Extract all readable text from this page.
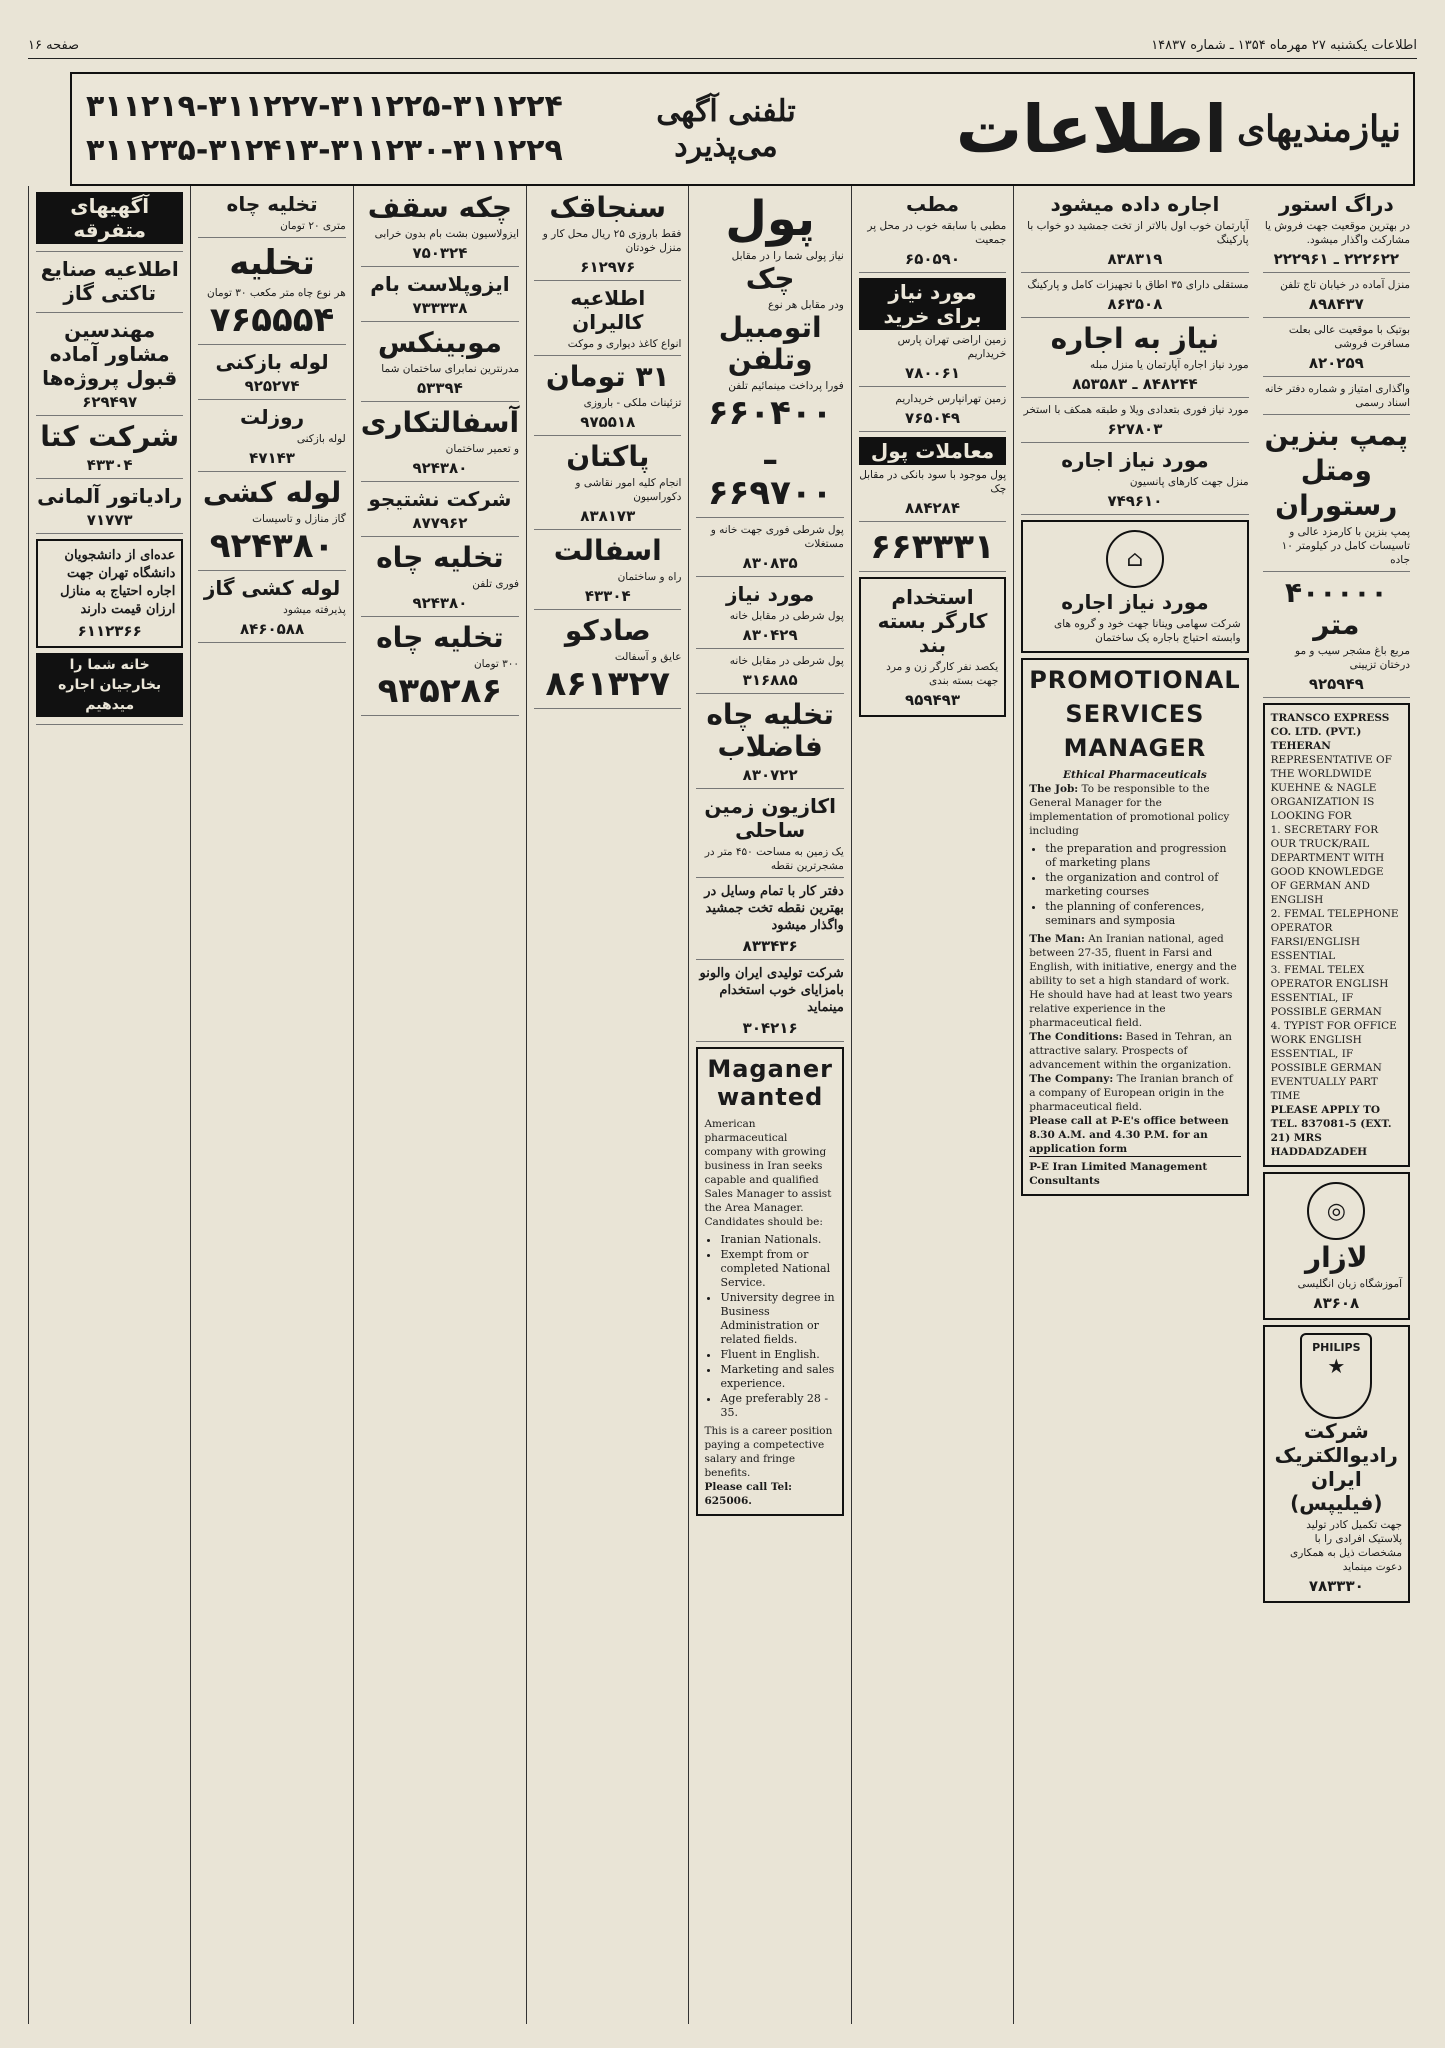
صفحه ۱۶	اطلاعات یکشنبه ۲۷ مهرماه ۱۳۵۴ ـ شماره ۱۴۸۳۷
۳۱۱۲۱۹-۳۱۱۲۲۷-۳۱۱۲۲۵-۳۱۱۲۲۴
۳۱۱۲۳۵-۳۱۲۴۱۳-۳۱۱۲۳۰-۳۱۱۲۲۹
تلفنی آگهی می‌پذیرد	اطلاعات نیازمندیهای
دراگ استور

در بهترین موقعیت جهت فروش یا مشارکت واگذار میشود.

۲۲۲۶۲۲ ـ ۲۲۲۹۶۱

منزل آماده در خیابان تاج تلفن

۸۹۸۴۳۷

بوتیک با موقعیت عالی بعلت مسافرت فروشی

۸۲۰۲۵۹

واگذاری امتیاز و شماره دفتر خانه اسناد رسمی

پمپ بنزین
ومتل
رستوران

پمپ بنزین با کارمزد عالی و تاسیسات کامل در کیلومتر ۱۰ جاده

۴۰۰۰۰۰ متر

مربع باغ مشجر سیب و مو درختان تزیینی

۹۲۵۹۴۹

TRANSCO EXPRESS CO. LTD. (PVT.) TEHERAN

REPRESENTATIVE OF THE WORLDWIDE KUEHNE & NAGLE ORGANIZATION IS LOOKING FOR

1. SECRETARY FOR OUR TRUCK/RAIL DEPARTMENT WITH GOOD KNOWLEDGE OF GERMAN AND ENGLISH

2. FEMAL TELEPHONE OPERATOR FARSI/ENGLISH ESSENTIAL

3. FEMAL TELEX OPERATOR ENGLISH ESSENTIAL, IF POSSIBLE GERMAN

4. TYPIST FOR OFFICE WORK ENGLISH ESSENTIAL, IF POSSIBLE GERMAN EVENTUALLY PART TIME

PLEASE APPLY TO TEL. 837081-5 (EXT. 21) MRS HADDADZADEH

◎
لازار

آموزشگاه زبان انگلیسی

۸۳۶۰۸
PHILIPS
★
شرکت رادیوالکتریک ایران (فیلیپس)

جهت تکمیل کادر تولید پلاستیک افرادی را با مشخصات ذیل به همکاری دعوت مینماید

۷۸۳۳۳۰
اجاره داده میشود

آپارتمان خوب اول بالاتر از تخت جمشید دو خواب با پارکینگ

۸۳۸۳۱۹

مستقلی دارای ۳۵ اطاق با تجهیزات کامل و پارکینگ

۸۶۳۵۰۸
نیاز به اجاره

مورد نیاز اجاره آپارتمان یا منزل مبله

۸۴۸۲۴۴ ـ ۸۵۳۵۸۳

مورد نیاز فوری بتعدادی ویلا و طبقه همکف با استخر

۶۲۷۸۰۳
مورد نیاز اجاره

منزل جهت کارهای پانسیون

۷۴۹۶۱۰
⌂
مورد نیاز اجاره

شرکت سهامی وینانا جهت خود و گروه های وابسته احتیاج باجاره یک ساختمان

PROMOTIONAL
SERVICES
MANAGER

Ethical Pharmaceuticals

The Job: To be responsible to the General Manager for the implementation of promotional policy including

• the preparation and progression of marketing plans
• the organization and control of marketing courses
• the planning of conferences, seminars and symposia

The Man: An Iranian national, aged between 27-35, fluent in Farsi and English, with initiative, energy and the ability to set a high standard of work. He should have had at least two years relative experience in the pharmaceutical field.

The Conditions: Based in Tehran, an attractive salary. Prospects of advancement within the organization.

The Company: The Iranian branch of a company of European origin in the pharmaceutical field.

Please call at P-E's office between 8.30 A.M. and 4.30 P.M. for an application form

P-E Iran Limited Management Consultants

مطب

مطبی با سابقه خوب در محل پر جمعیت

۶۵۰۵۹۰
مورد نیاز برای خرید

زمین اراضی تهران پارس خریداریم

۷۸۰۰۶۱

زمین تهرانپارس خریداریم

۷۶۵۰۴۹
معاملات پول

پول موجود با سود بانکی در مقابل چک

۸۸۴۲۸۴
۶۶۳۳۳۱
استخدام کارگر بسته بند

یکصد نفر کارگر زن و مرد جهت بسته بندی

۹۵۹۴۹۳
پول

نیاز پولی شما را در مقابل

چک

ودر مقابل هر نوع

اتومبیل وتلفن

فورا پرداخت مینمائیم تلفن

۶۶۰۴۰۰ ـ ۶۶۹۷۰۰

پول شرطی فوری جهت خانه و مستغلات

۸۳۰۸۳۵
مورد نیاز

پول شرطی در مقابل خانه

۸۳۰۴۲۹

پول شرطی در مقابل خانه

۳۱۶۸۸۵
تخلیه چاه فاضلاب
۸۳۰۷۲۲
اکازیون زمین ساحلی

یک زمین به مساحت ۴۵۰ متر در مشجرترین نقطه

دفتر کار با تمام وسایل در بهترین نقطه تخت جمشید واگذار میشود

۸۳۳۴۳۶

شرکت تولیدی ایران والونو بامزایای خوب استخدام مینماید

۳۰۴۲۱۶
Maganer wanted

American pharmaceutical company with growing business in Iran seeks capable and qualified Sales Manager to assist the Area Manager. Candidates should be:

• Iranian Nationals.
• Exempt from or completed National Service.
• University degree in Business Administration or related fields.
• Fluent in English.
• Marketing and sales experience.
• Age preferably 28 - 35.

This is a career position paying a competective salary and fringe benefits.

Please call Tel: 625006.

سنجاقک

فقط باروزی ۲۵ ریال محل کار و منزل خودتان

۶۱۲۹۷۶
اطلاعیه کالیران

انواع کاغذ دیواری و موکت

۳۱ تومان

تزئینات ملکی - باروزی

۹۷۵۵۱۸
پاکتان

انجام کلیه امور نقاشی و دکوراسیون

۸۳۸۱۷۳
اسفالت

راه و ساختمان

۴۳۳۰۴
صادکو

عایق و آسفالت

۸۶۱۳۲۷
چکه سقف

ایزولاسیون بشت بام بدون خرابی

۷۵۰۳۲۴
ایزوپلاست بام
۷۳۳۳۳۸
موبینکس

مدرنترین نمابرای ساختمان شما

۵۳۳۹۴
آسفالتکاری

و تعمیر ساختمان

۹۲۴۳۸۰
شرکت نشتیجو
۸۷۷۹۶۲
تخلیه چاه

فوری تلفن

۹۲۴۳۸۰
تخلیه چاه

۳۰۰ تومان

۹۳۵۲۸۶
تخلیه چاه

متری ۲۰ تومان

تخلیه

هر نوع چاه متر مکعب ۳۰ تومان

۷۶۵۵۵۴
لوله بازکنی
۹۲۵۲۷۴
روزلت

لوله بازکنی

۴۷۱۴۳
لوله کشی

گاز منازل و تاسیسات

۹۲۴۳۸۰
لوله کشی گاز

پذیرفته میشود

۸۴۶۰۵۸۸
آگهیهای متفرقه
اطلاعیه صنایع تاکتی گاز
مهندسین مشاور آماده قبول پروژه‌ها
۶۲۹۴۹۷
شرکت کتا
۴۳۳۰۴
رادیاتور آلمانی
۷۱۷۷۳

عده‌ای از دانشجویان دانشگاه تهران جهت اجاره احتیاج به منازل ارزان قیمت دارند

۶۱۱۲۳۶۶
خانه‌ شما را بخارجیان اجاره میدهیم
